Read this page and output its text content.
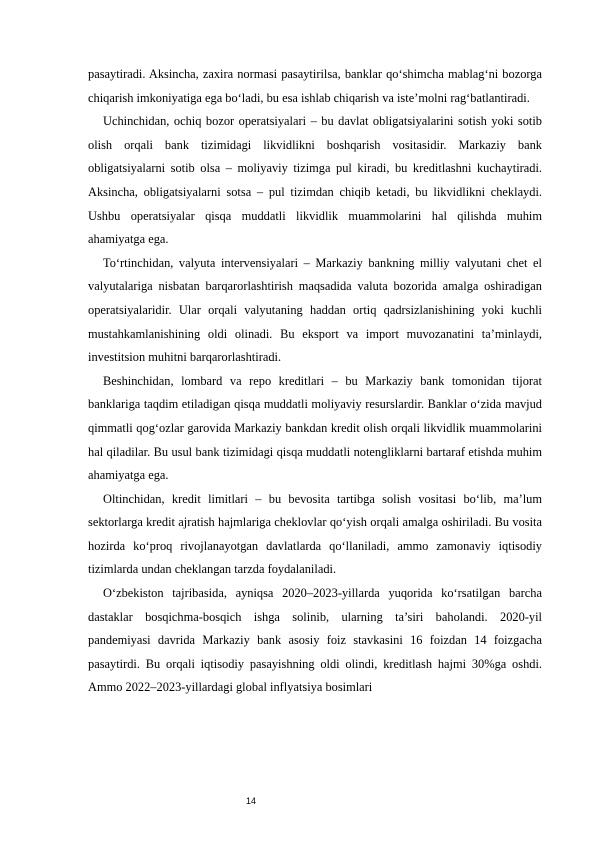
pasaytiradi. Aksincha, zaxira normasi pasaytirilsa, banklar qo‘shimcha mablag‘ni bozorga chiqarish imkoniyatiga ega bo‘ladi, bu esa ishlab chiqarish va iste’molni rag‘batlantiradi.

Uchinchidan, ochiq bozor operatsiyalari – bu davlat obligatsiyalarini sotish yoki sotib olish orqali bank tizimidagi likvidlikni boshqarish vositasidir. Markaziy bank obligatsiyalarni sotib olsa – moliyaviy tizimga pul kiradi, bu kreditlashni kuchaytiradi. Aksincha, obligatsiyalarni sotsa – pul tizimdan chiqib ketadi, bu likvidlikni cheklaydi. Ushbu operatsiyalar qisqa muddatli likvidlik muammolarini hal qilishda muhim ahamiyatga ega.

To‘rtinchidan, valyuta intervensiyalari – Markaziy bankning milliy valyutani chet el valyutalariga nisbatan barqarorlashtirish maqsadida valuta bozorida amalga oshiradigan operatsiyalaridir. Ular orqali valyutaning haddan ortiq qadrsizlanishining yoki kuchli mustahkamlanishining oldi olinadi. Bu eksport va import muvozanatini ta’minlaydi, investitsion muhitni barqarorlashtiradi.

Beshinchidan, lombard va repo kreditlari – bu Markaziy bank tomonidan tijorat banklariga taqdim etiladigan qisqa muddatli moliyaviy resurslardir. Banklar o‘zida mavjud qimmatli qog‘ozlar garovida Markaziy bankdan kredit olish orqali likvidlik muammolarini hal qiladilar. Bu usul bank tizimidagi qisqa muddatli notengliklarni bartaraf etishda muhim ahamiyatga ega.

Oltinchidan, kredit limitlari – bu bevosita tartibga solish vositasi bo‘lib, ma’lum sektorlarga kredit ajratish hajmlariga cheklovlar qo‘yish orqali amalga oshiriladi. Bu vosita hozirda ko‘proq rivojlanayotgan davlatlarda qo‘llaniladi, ammo zamonaviy iqtisodiy tizimlarda undan cheklangan tarzda foydalaniladi.

O‘zbekiston tajribasida, ayniqsa 2020–2023-yillarda yuqorida ko‘rsatilgan barcha dastaklar bosqichma-bosqich ishga solinib, ularning ta’siri baholandi. 2020-yil pandemiyasi davrida Markaziy bank asosiy foiz stavkasini 16 foizdan 14 foizgacha pasaytirdi. Bu orqali iqtisodiy pasayishning oldi olindi, kreditlash hajmi 30%ga oshdi. Ammo 2022–2023-yillardagi global inflyatsiya bosimlari

14
